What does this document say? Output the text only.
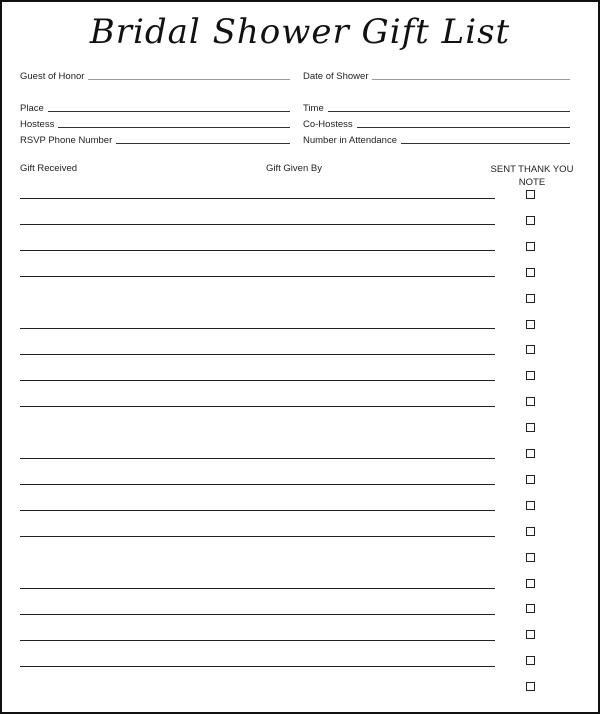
Bridal Shower Gift List
Guest of Honor	Date of Shower
Place	Time
Hostess	Co-Hostess
RSVP Phone Number	Number in Attendance
Gift Received	Gift Given By	SENT THANK YOU
NOTE
